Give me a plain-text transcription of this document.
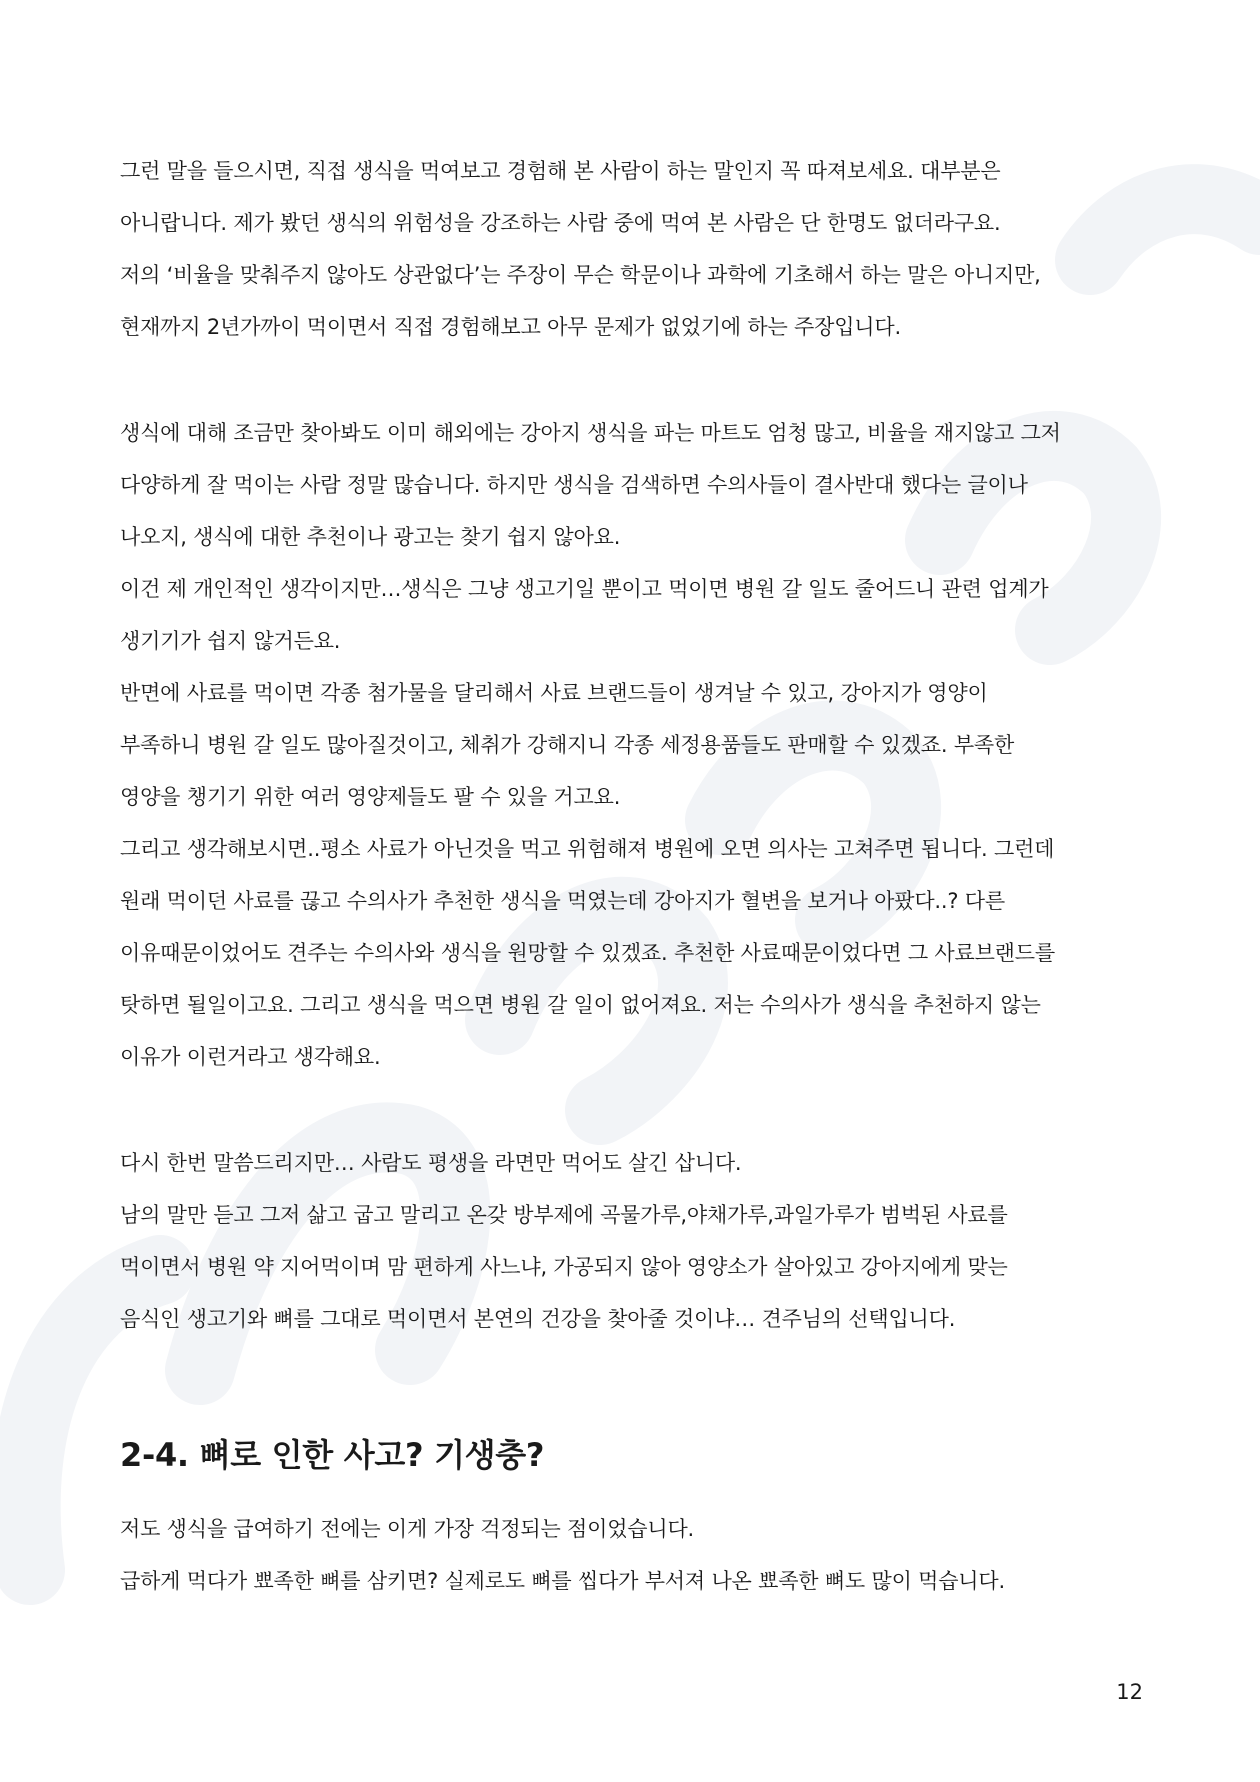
그런 말을 들으시면, 직접 생식을 먹여보고 경험해 본 사람이 하는 말인지 꼭 따져보세요. 대부분은
아니랍니다. 제가 봤던 생식의 위험성을 강조하는 사람 중에 먹여 본 사람은 단 한명도 없더라구요.
저의 ‘비율을 맞춰주지 않아도 상관없다’는 주장이 무슨 학문이나 과학에 기초해서 하는 말은 아니지만,
현재까지 2년가까이 먹이면서 직접 경험해보고 아무 문제가 없었기에 하는 주장입니다.
생식에 대해 조금만 찾아봐도 이미 해외에는 강아지 생식을 파는 마트도 엄청 많고, 비율을 재지않고 그저
다양하게 잘 먹이는 사람 정말 많습니다. 하지만 생식을 검색하면 수의사들이 결사반대 했다는 글이나
나오지, 생식에 대한 추천이나 광고는 찾기 쉽지 않아요.
이건 제 개인적인 생각이지만…생식은 그냥 생고기일 뿐이고 먹이면 병원 갈 일도 줄어드니 관련 업계가
생기기가 쉽지 않거든요.
반면에 사료를 먹이면 각종 첨가물을 달리해서 사료 브랜드들이 생겨날 수 있고, 강아지가 영양이
부족하니 병원 갈 일도 많아질것이고, 체취가 강해지니 각종 세정용품들도 판매할 수 있겠죠. 부족한
영양을 챙기기 위한 여러 영양제들도 팔 수 있을 거고요.
그리고 생각해보시면..평소 사료가 아닌것을 먹고 위험해져 병원에 오면 의사는 고쳐주면 됩니다. 그런데
원래 먹이던 사료를 끊고 수의사가 추천한 생식을 먹였는데 강아지가 혈변을 보거나 아팠다..? 다른
이유때문이었어도 견주는 수의사와 생식을 원망할 수 있겠죠. 추천한 사료때문이었다면 그 사료브랜드를
탓하면 될일이고요. 그리고 생식을 먹으면 병원 갈 일이 없어져요. 저는 수의사가 생식을 추천하지 않는
이유가 이런거라고 생각해요.
다시 한번 말씀드리지만… 사람도 평생을 라면만 먹어도 살긴 삽니다.
남의 말만 듣고 그저 삶고 굽고 말리고 온갖 방부제에 곡물가루,야채가루,과일가루가 범벅된 사료를
먹이면서 병원 약 지어먹이며 맘 편하게 사느냐, 가공되지 않아 영양소가 살아있고 강아지에게 맞는
음식인 생고기와 뼈를 그대로 먹이면서 본연의 건강을 찾아줄 것이냐… 견주님의 선택입니다.
2-4. 뼈로 인한 사고? 기생충?
저도 생식을 급여하기 전에는 이게 가장 걱정되는 점이었습니다.
급하게 먹다가 뾰족한 뼈를 삼키면? 실제로도 뼈를 씹다가 부서져 나온 뾰족한 뼈도 많이 먹습니다.
12
